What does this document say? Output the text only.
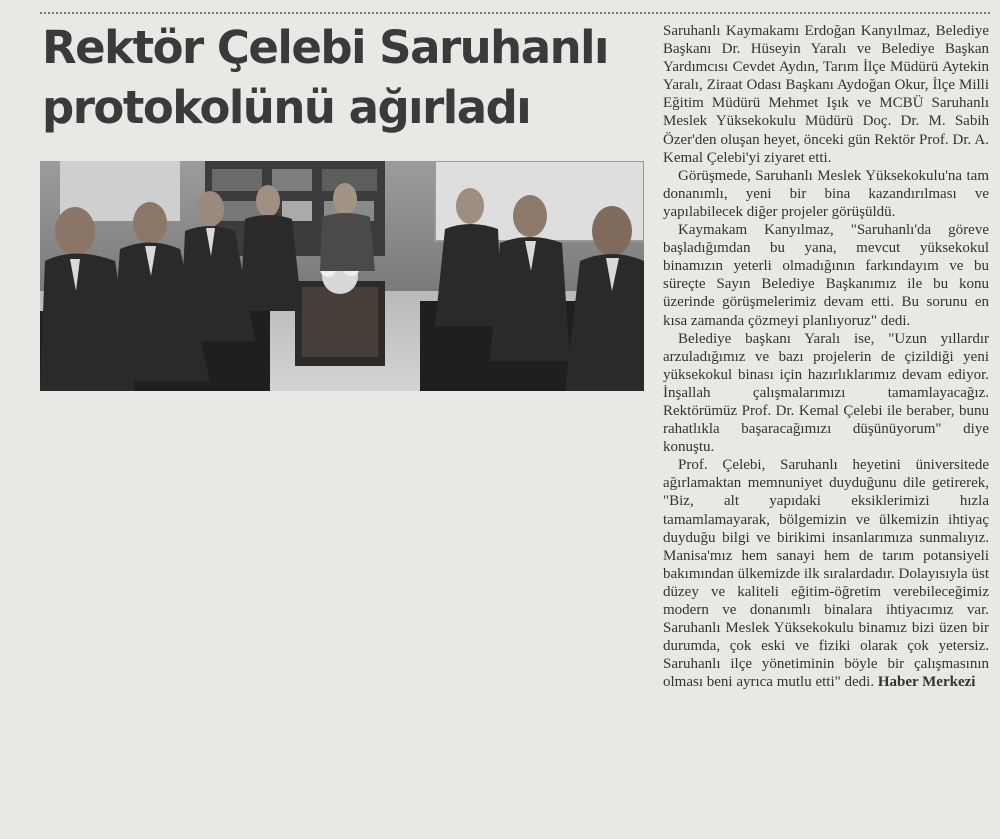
Rektör Çelebi Saruhanlı
protokolünü ağırladı

Saruhanlı Kaymakamı Erdoğan Kanyılmaz, Belediye Başkanı Dr. Hüseyin Yaralı ve Belediye Başkan Yardımcısı Cevdet Aydın, Tarım İlçe Müdürü Aytekin Yaralı, Ziraat Odası Başkanı Aydoğan Okur, İlçe Milli Eğitim Müdürü Mehmet Işık ve MCBÜ Saruhanlı Meslek Yüksekokulu Müdürü Doç. Dr. M. Sabih Özer'den oluşan heyet, önceki gün Rektör Prof. Dr. A. Kemal Çelebi'yi ziyaret etti.

Görüşmede, Saruhanlı Meslek Yüksekokulu'na tam donanımlı, yeni bir bina kazandırılması ve yapılabilecek diğer projeler görüşüldü.

Kaymakam Kanyılmaz, "Saruhanlı'da göreve başladığımdan bu yana, mevcut yüksekokul binamızın yeterli olmadığının farkındayım ve bu süreçte Sayın Belediye Başkanımız ile bu konu üzerinde görüşmelerimiz devam etti. Bu sorunu en kısa zamanda çözmeyi planlıyoruz" dedi.

Belediye başkanı Yaralı ise, "Uzun yıllardır arzuladığımız ve bazı projelerin de çizildiği yeni yüksekokul binası için hazırlıklarımız devam ediyor. İnşallah çalışmalarımızı tamamlayacağız. Rektörümüz Prof. Dr. Kemal Çelebi ile beraber, bunu rahatlıkla başaracağımızı düşünüyorum" diye konuştu.

Prof. Çelebi, Saruhanlı heyetini üniversitede ağırlamaktan memnuniyet duyduğunu dile getirerek, "Biz, alt yapıdaki eksiklerimizi hızla tamamlamayarak, bölgemizin ve ülkemizin ihtiyaç duyduğu bilgi ve birikimi insanlarımıza sunmalıyız. Manisa'mız hem sanayi hem de tarım potansiyeli bakımından ülkemizde ilk sıralardadır. Dolayısıyla üst düzey ve kaliteli eğitim-öğretim verebileceğimiz modern ve donanımlı binalara ihtiyacımız var. Saruhanlı Meslek Yüksekokulu binamız bizi üzen bir durumda, çok eski ve fiziki olarak çok yetersiz. Saruhanlı ilçe yönetiminin böyle bir çalışmasının olması beni ayrıca mutlu etti" dedi. Haber Merkezi
